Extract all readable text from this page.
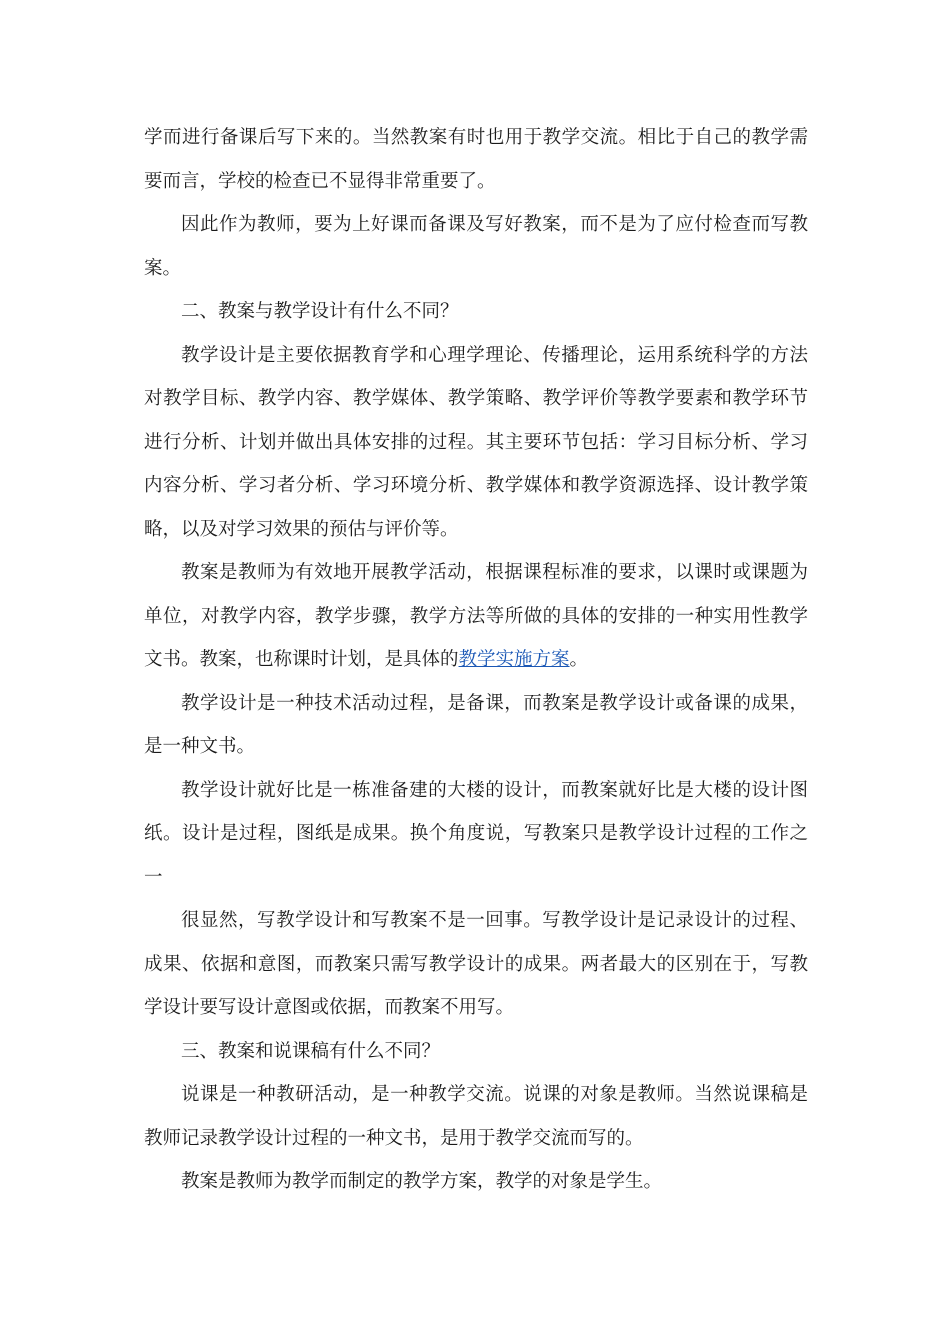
学而进行备课后写下来的。当然教案有时也用于教学交流。相比于自己的教学需要而言，学校的检查已不显得非常重要了。

因此作为教师，要为上好课而备课及写好教案，而不是为了应付检查而写教案。

二、教案与教学设计有什么不同？

教学设计是主要依据教育学和心理学理论、传播理论，运用系统科学的方法对教学目标、教学内容、教学媒体、教学策略、教学评价等教学要素和教学环节进行分析、计划并做出具体安排的过程。其主要环节包括：学习目标分析、学习内容分析、学习者分析、学习环境分析、教学媒体和教学资源选择、设计教学策略，以及对学习效果的预估与评价等。

教案是教师为有效地开展教学活动，根据课程标准的要求，以课时或课题为单位，对教学内容，教学步骤，教学方法等所做的具体的安排的一种实用性教学文书。教案，也称课时计划，是具体的教学实施方案。

教学设计是一种技术活动过程，是备课，而教案是教学设计或备课的成果，是一种文书。

教学设计就好比是一栋准备建的大楼的设计，而教案就好比是大楼的设计图纸。设计是过程，图纸是成果。换个角度说，写教案只是教学设计过程的工作之一

很显然，写教学设计和写教案不是一回事。写教学设计是记录设计的过程、成果、依据和意图，而教案只需写教学设计的成果。两者最大的区别在于，写教学设计要写设计意图或依据，而教案不用写。

三、教案和说课稿有什么不同？

说课是一种教研活动，是一种教学交流。说课的对象是教师。当然说课稿是教师记录教学设计过程的一种文书，是用于教学交流而写的。

教案是教师为教学而制定的教学方案，教学的对象是学生。
